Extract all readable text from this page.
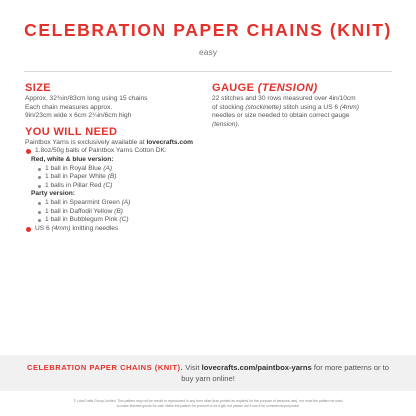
CELEBRATION PAPER CHAINS (KNIT)
easy
SIZE
Approx. 32¾in/83cm long using 15 chains
Each chain measures approx.
9in/23cm wide x 6cm 2¼in/6cm high
YOU WILL NEED
Paintbox Yarns is exclusively available at lovecrafts.com
1.8oz/50g balls of Paintbox Yarns Cotton DK:
Red, white & blue version:
1 ball in Royal Blue (A)
1 ball in Paper White (B)
1 balls in Pillar Red (C)
Party version:
1 ball in Spearmint Green (A)
1 ball in Daffodil Yellow (B)
1 ball in Bubblegum Pink (C)
US 6 (4mm) knitting needles
GAUGE (TENSION)
22 stitches and 30 rows measured over 4in/10cm
of stocking (stockinette) stitch using a US 6 (4mm)
needles or size needed to obtain correct gauge
(tension).
CELEBRATION PAPER CHAINS (KNIT). Visit lovecrafts.com/paintbox-yarns for more patterns or to
buy yarn online!
© LoveCrafts Group Limited. This pattern may not be resold or reproduced in any form other than printed as required for the purpose of personal use), nor must the pattern be used
to make finished goods for sale. Make the pattern for yourself or as a gift, but please don’t use it for commercial purposes!
